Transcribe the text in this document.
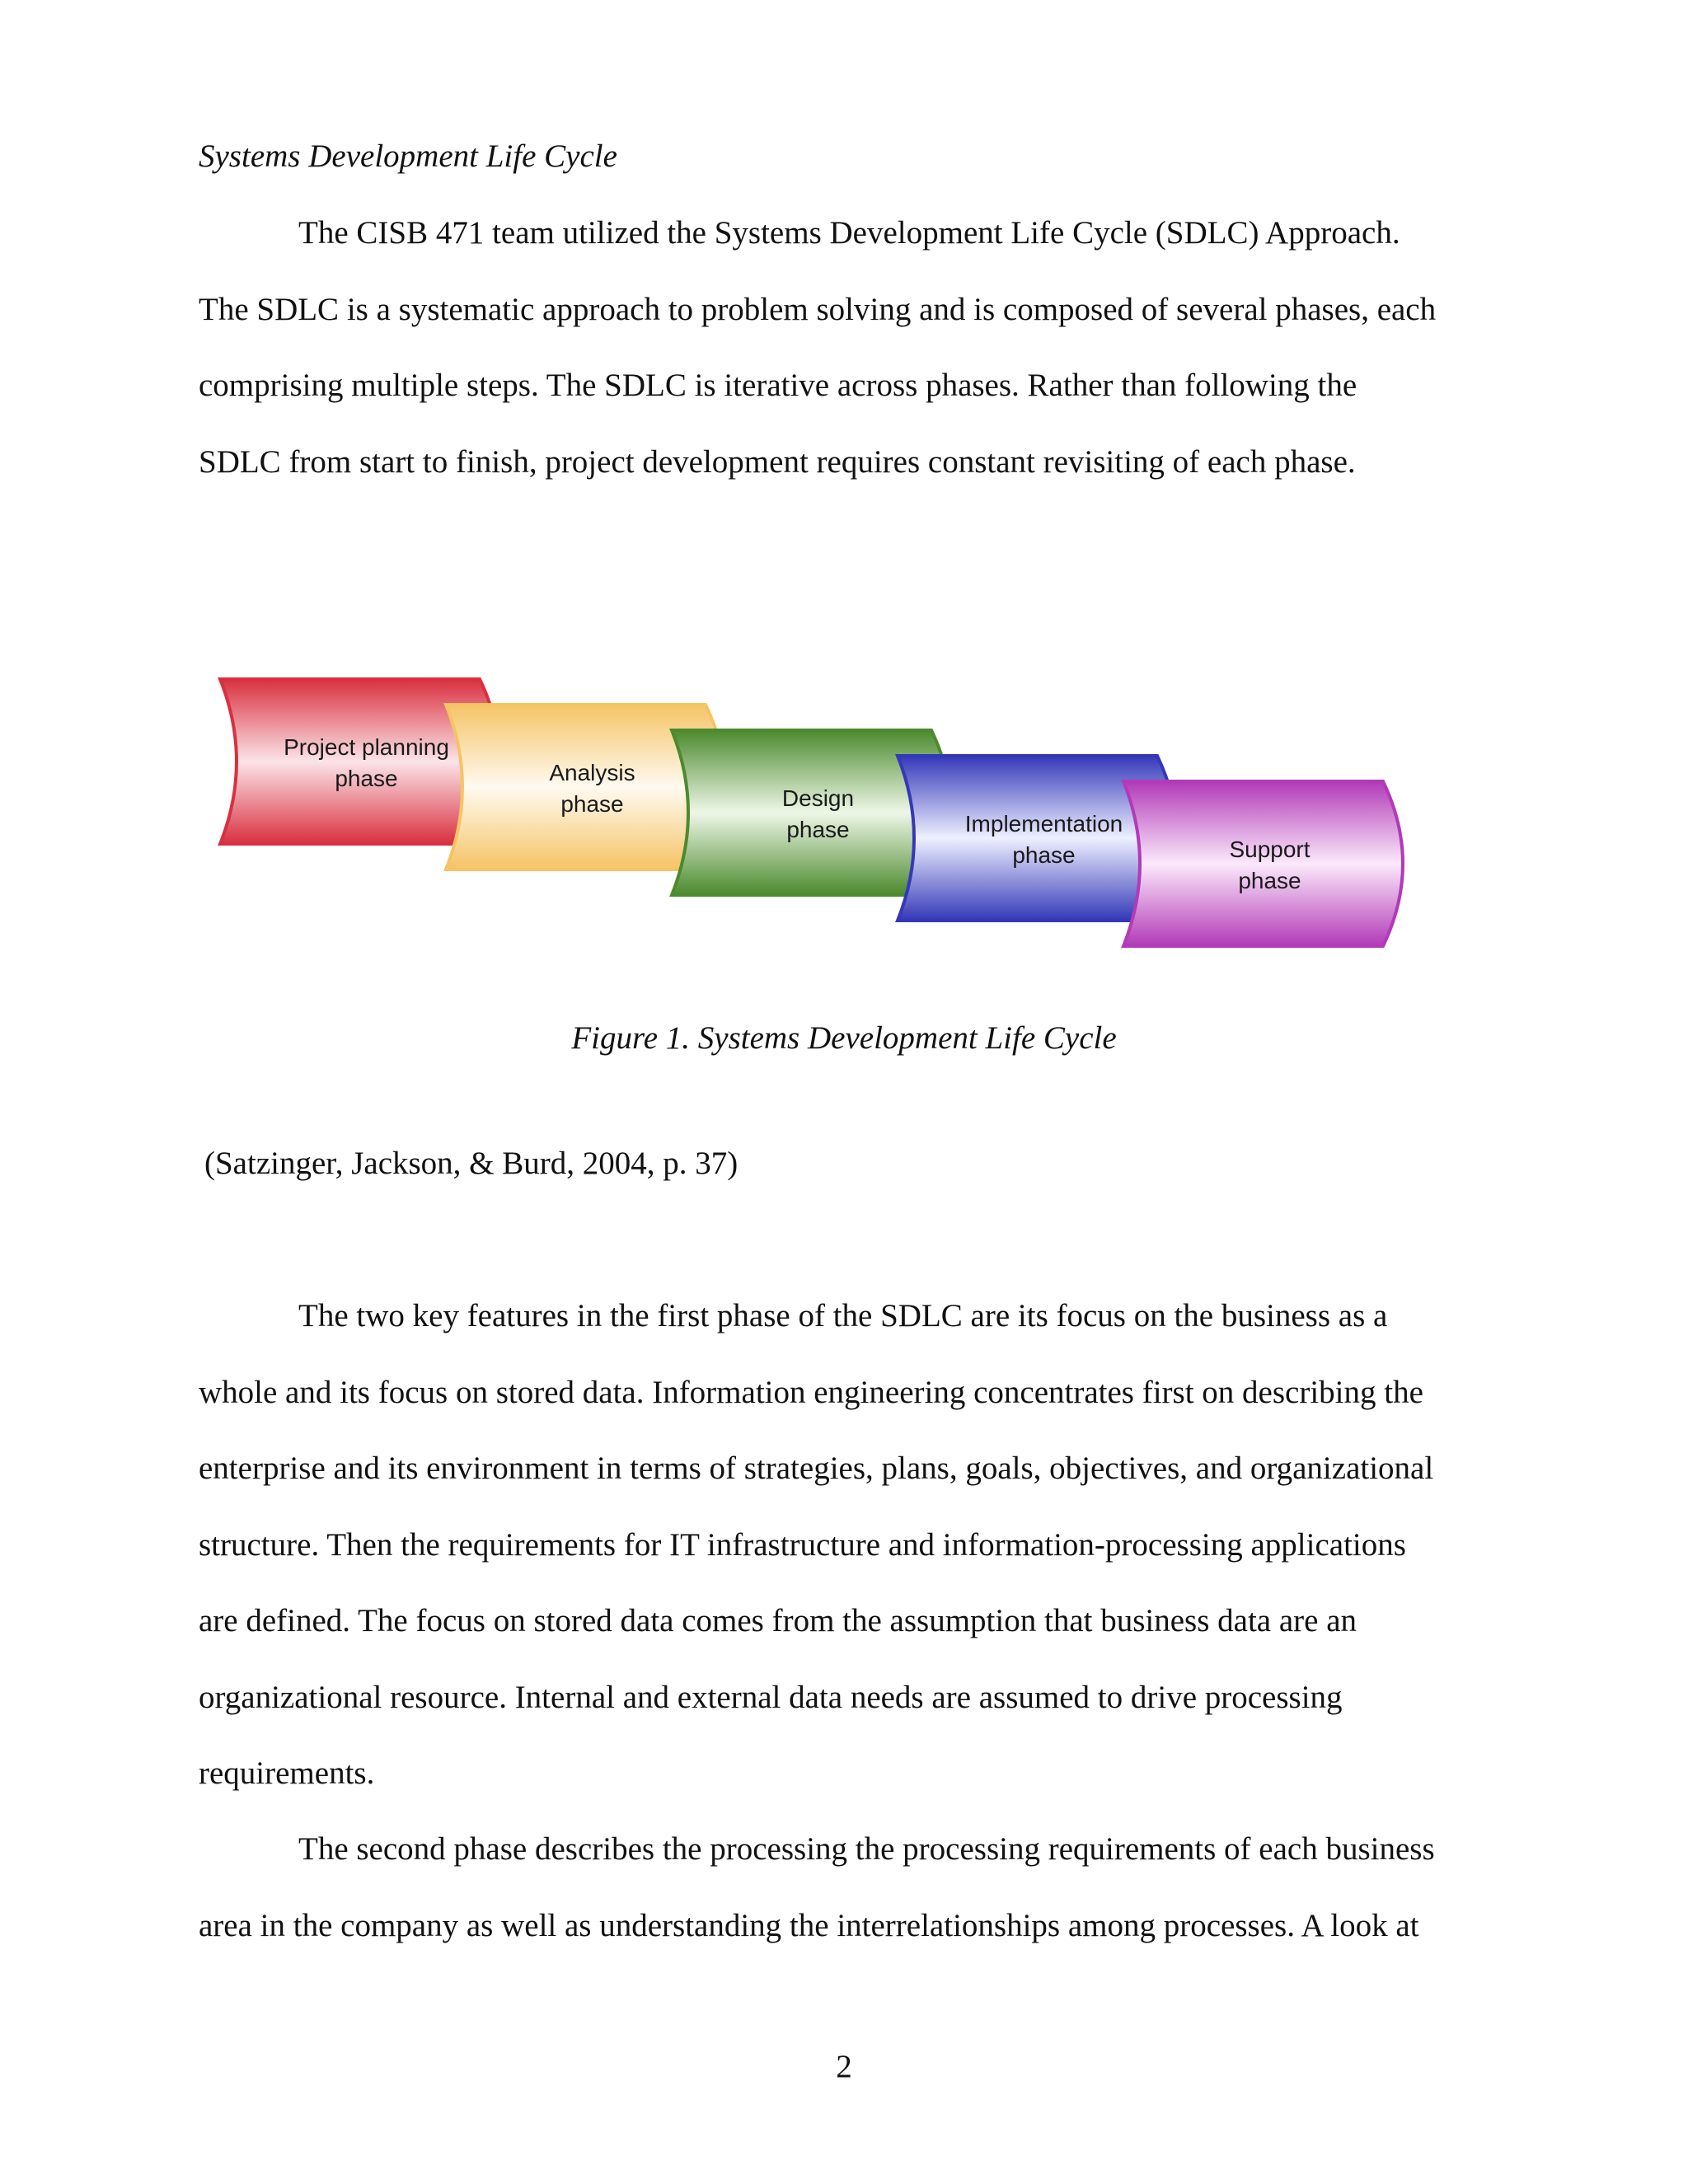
Systems Development Life Cycle
The CISB 471 team utilized the Systems Development Life Cycle (SDLC) Approach.
The SDLC is a systematic approach to problem solving and is composed of several phases, each
comprising multiple steps. The SDLC is iterative across phases. Rather than following the
SDLC from start to finish, project development requires constant revisiting of each phase.
Project planning
phase	Analysis
phase	Design
phase	Implementation
phase	Support
phase
Figure 1. Systems Development Life Cycle
(Satzinger, Jackson, & Burd, 2004, p. 37)
The two key features in the first phase of the SDLC are its focus on the business as a
whole and its focus on stored data. Information engineering concentrates first on describing the
enterprise and its environment in terms of strategies, plans, goals, objectives, and organizational
structure. Then the requirements for IT infrastructure and information-processing applications
are defined. The focus on stored data comes from the assumption that business data are an
organizational resource. Internal and external data needs are assumed to drive processing
requirements.
The second phase describes the processing the processing requirements of each business
area in the company as well as understanding the interrelationships among processes. A look at
2
